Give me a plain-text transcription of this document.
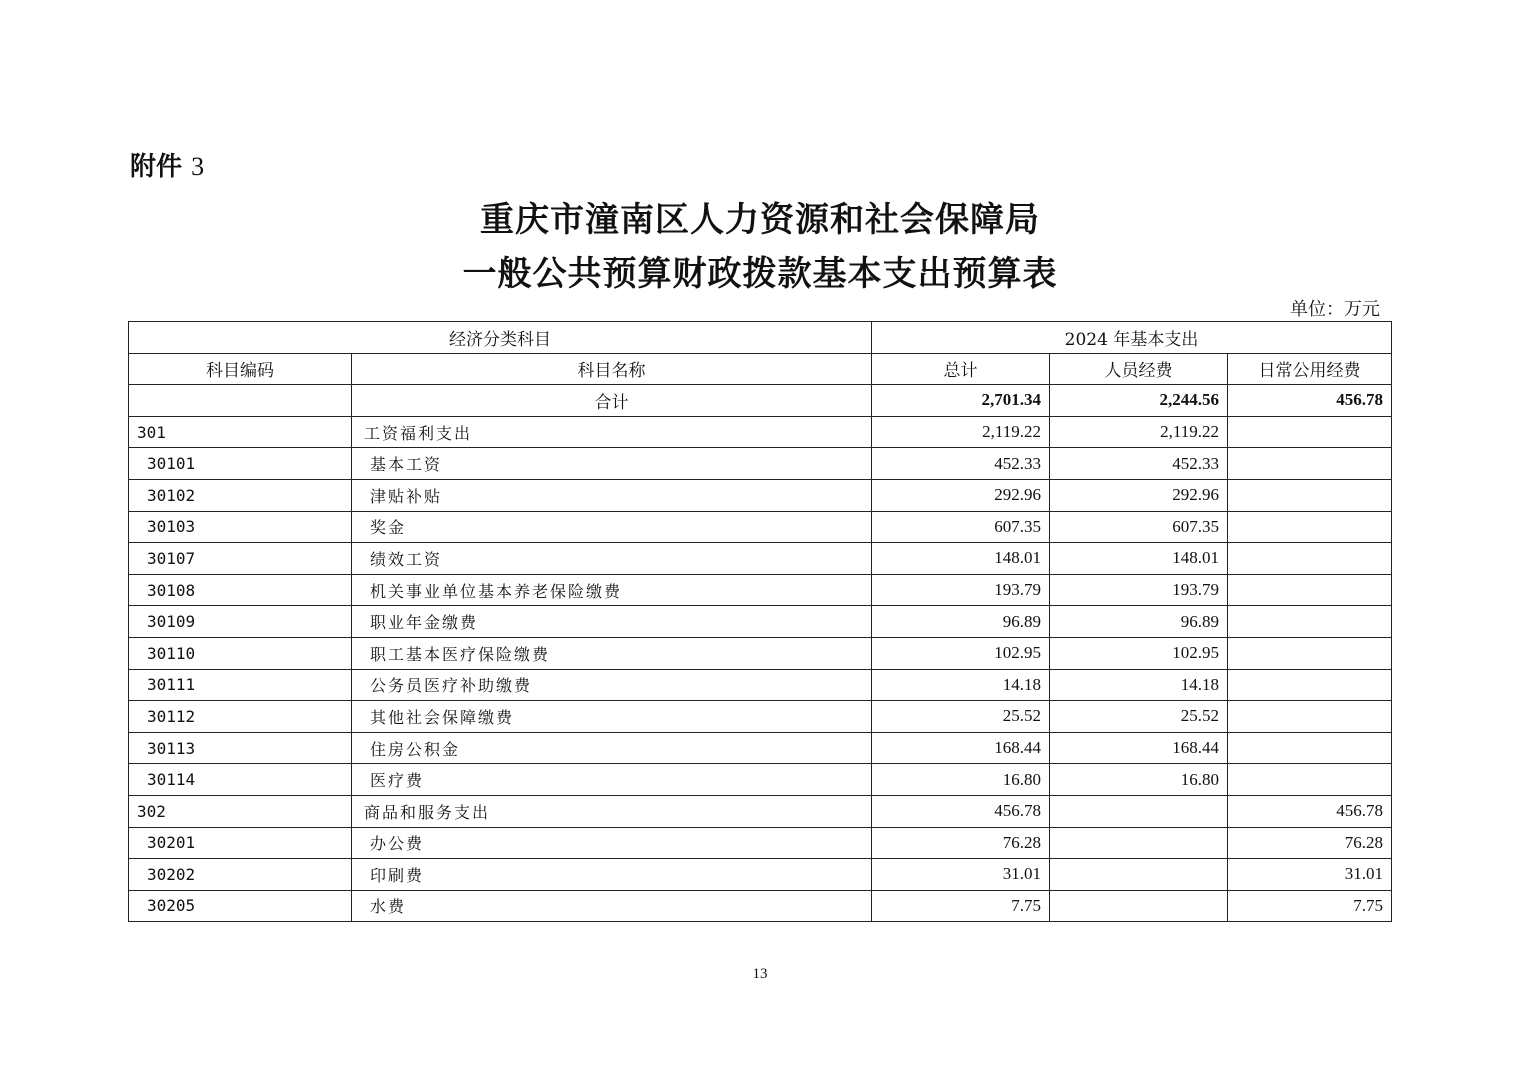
附件 3
重庆市潼南区人力资源和社会保障局
一般公共预算财政拨款基本支出预算表
单位：万元
经济分类科目		2024 年基本支出		
科目编码	科目名称	总计	人员经费	日常公用经费
	合计	2,701.34	2,244.56	456.78
301	工资福利支出	2,119.22	2,119.22	
30101	基本工资	452.33	452.33	
30102	津贴补贴	292.96	292.96	
30103	奖金	607.35	607.35	
30107	绩效工资	148.01	148.01	
30108	机关事业单位基本养老保险缴费	193.79	193.79	
30109	职业年金缴费	96.89	96.89	
30110	职工基本医疗保险缴费	102.95	102.95	
30111	公务员医疗补助缴费	14.18	14.18	
30112	其他社会保障缴费	25.52	25.52	
30113	住房公积金	168.44	168.44	
30114	医疗费	16.80	16.80	
302	商品和服务支出	456.78		456.78
30201	办公费	76.28		76.28
30202	印刷费	31.01		31.01
30205	水费	7.75		7.75
13
